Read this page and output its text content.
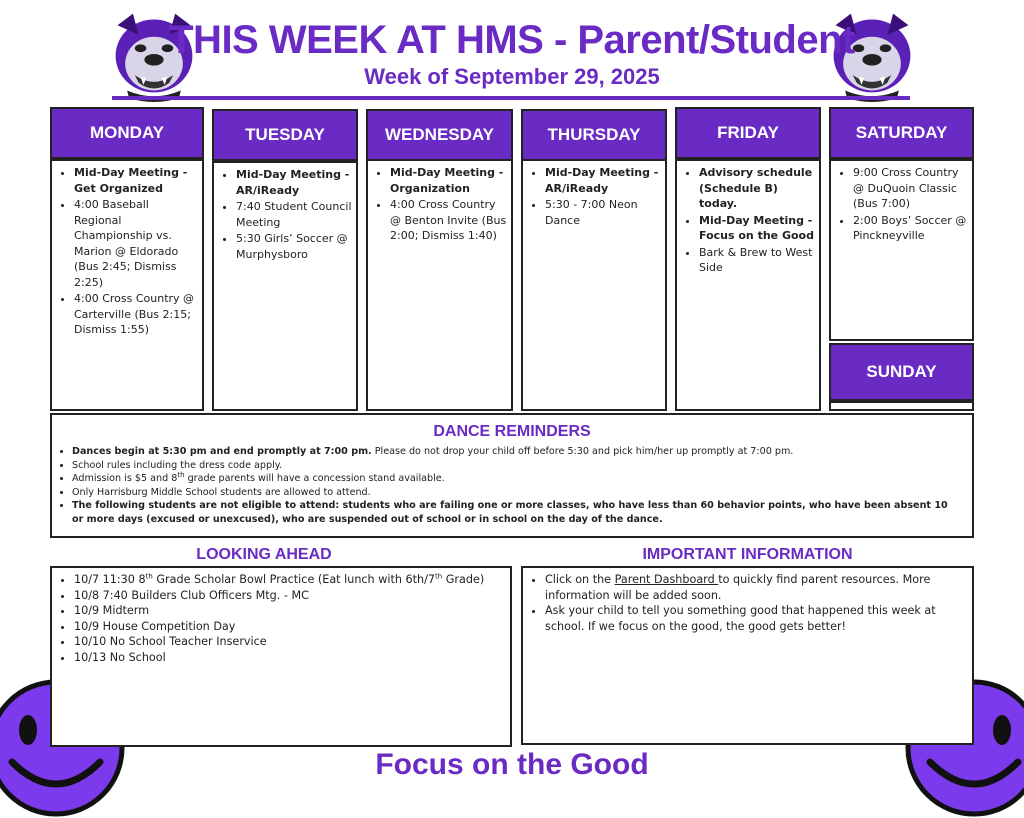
THIS WEEK AT HMS - Parent/Student
Week of September 29, 2025
MONDAY
• Mid-Day Meeting - Get Organized
• 4:00 Baseball Regional Championship vs. Marion @ Eldorado (Bus 2:45; Dismiss 2:25)
• 4:00 Cross Country @ Carterville (Bus 2:15; Dismiss 1:55)
TUESDAY
• Mid-Day Meeting - AR/iReady
• 7:40 Student Council Meeting
• 5:30 Girls’ Soccer @ Murphysboro
WEDNESDAY
• Mid-Day Meeting - Organization
• 4:00 Cross Country @ Benton Invite (Bus 2:00; Dismiss 1:40)
THURSDAY
• Mid-Day Meeting - AR/iReady
• 5:30 - 7:00 Neon Dance
FRIDAY
• Advisory schedule (Schedule B) today.
• Mid-Day Meeting - Focus on the Good
• Bark & Brew to West Side
SATURDAY
• 9:00 Cross Country @ DuQuoin Classic (Bus 7:00)
• 2:00 Boys’ Soccer @ Pinckneyville
SUNDAY
DANCE REMINDERS
• Dances begin at 5:30 pm and end promptly at 7:00 pm. Please do not drop your child off before 5:30 and pick him/her up promptly at 7:00 pm.
• School rules including the dress code apply.
• Admission is $5 and 8th grade parents will have a concession stand available.
• Only Harrisburg Middle School students are allowed to attend.
• The following students are not eligible to attend: students who are failing one or more classes, who have less than 60 behavior points, who have been absent 10 or more days (excused or unexcused), who are suspended out of school or in school on the day of the dance.
LOOKING AHEAD
• 10/7 11:30 8th Grade Scholar Bowl Practice (Eat lunch with 6th/7th Grade)
• 10/8 7:40 Builders Club Officers Mtg. - MC
• 10/9 Midterm
• 10/9 House Competition Day
• 10/10 No School Teacher Inservice
• 10/13 No School
IMPORTANT INFORMATION
• Click on the Parent Dashboard to quickly find parent resources. More information will be added soon.
• Ask your child to tell you something good that happened this week at school. If we focus on the good, the good gets better!
Focus on the Good
